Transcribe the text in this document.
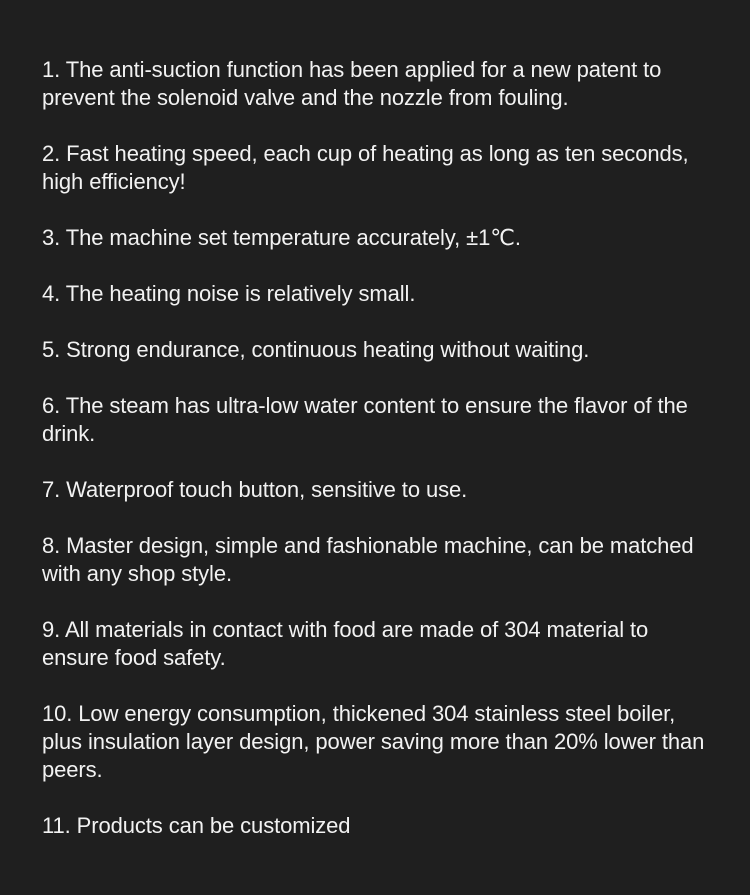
1. The anti-suction function has been applied for a new patent to prevent the solenoid valve and the nozzle from fouling.
2. Fast heating speed, each cup of heating as long as ten seconds, high efficiency!
3. The machine set temperature accurately, ±1℃.
4. The heating noise is relatively small.
5. Strong endurance, continuous heating without waiting.
6. The steam has ultra-low water content to ensure the flavor of the drink.
7. Waterproof touch button, sensitive to use.
8. Master design, simple and fashionable machine, can be matched with any shop style.
9. All materials in contact with food are made of 304 material to ensure food safety.
10. Low energy consumption, thickened 304 stainless steel boiler, plus insulation layer design, power saving more than 20% lower than peers.
11. Products can be customized
